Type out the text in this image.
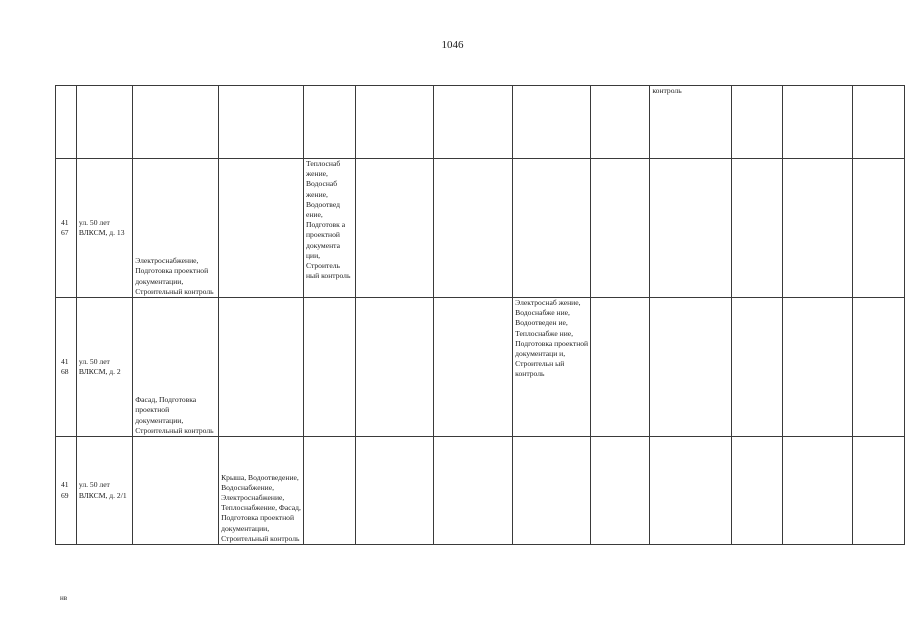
1046

									контроль			

41
67	ул. 50 лет ВЛКСМ, д. 13	Электроснабжение, Подготовка проектной документации, Строительный контроль		Теплоснаб жение, Водоснаб жение, Водоотвед ение, Подготовк а проектной документа ции, Строитель ный контроль								

41
68	ул. 50 лет ВЛКСМ, д. 2	Фасад, Подготовка проектной документации, Строительный контроль					Электроснаб жение, Водоснабже ние, Водоотведен ие, Теплоснабже ние, Подготовка проектной документаци и, Строительн ый контроль					

41
69	ул. 50 лет ВЛКСМ, д. 2/1		Крыша, Водоотведение, Водоснабжение, Электроснабжение, Теплоснабжение, Фасад, Подготовка проектной документации, Строительный контроль									

нв
